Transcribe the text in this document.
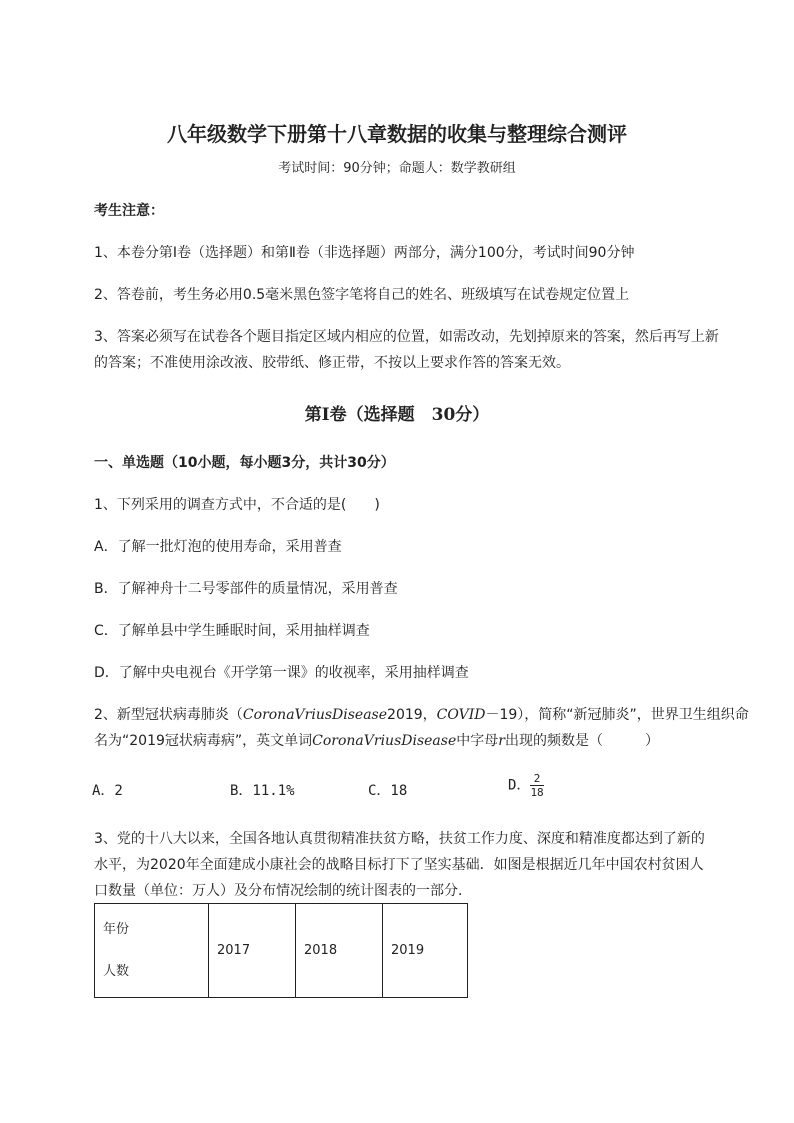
八年级数学下册第十八章数据的收集与整理综合测评
考试时间：90分钟；命题人：数学教研组
考生注意：
1、本卷分第I卷（选择题）和第Ⅱ卷（非选择题）两部分，满分100分，考试时间90分钟
2、答卷前，考生务必用0.5毫米黑色签字笔将自己的姓名、班级填写在试卷规定位置上
3、答案必须写在试卷各个题目指定区域内相应的位置，如需改动，先划掉原来的答案，然后再写上新
的答案；不准使用涂改液、胶带纸、修正带，不按以上要求作答的答案无效。
第I卷（选择题　30分）
一、单选题（10小题，每小题3分，共计30分）
1、下列采用的调查方式中，不合适的是(　　)
A．了解一批灯泡的使用寿命，采用普查
B．了解神舟十二号零部件的质量情况，采用普查
C．了解单县中学生睡眠时间，采用抽样调查
D．了解中央电视台《开学第一课》的收视率，采用抽样调查
2、新型冠状病毒肺炎（CoronaVriusDisease2019，COVID－19），简称“新冠肺炎”，世界卫生组织命
名为“2019冠状病毒病”，英文单词CoronaVriusDisease中字母r出现的频数是（　　　）
A．2	B．11.1%	C．18	D． $\frac{2}{18}$
3、党的十八大以来，全国各地认真贯彻精准扶贫方略，扶贫工作力度、深度和精准度都达到了新的
水平，为2020年全面建成小康社会的战略目标打下了坚实基础．如图是根据近几年中国农村贫困人
口数量（单位：万人）及分布情况绘制的统计图表的一部分．
年份
人数
	2017	2018	2019
